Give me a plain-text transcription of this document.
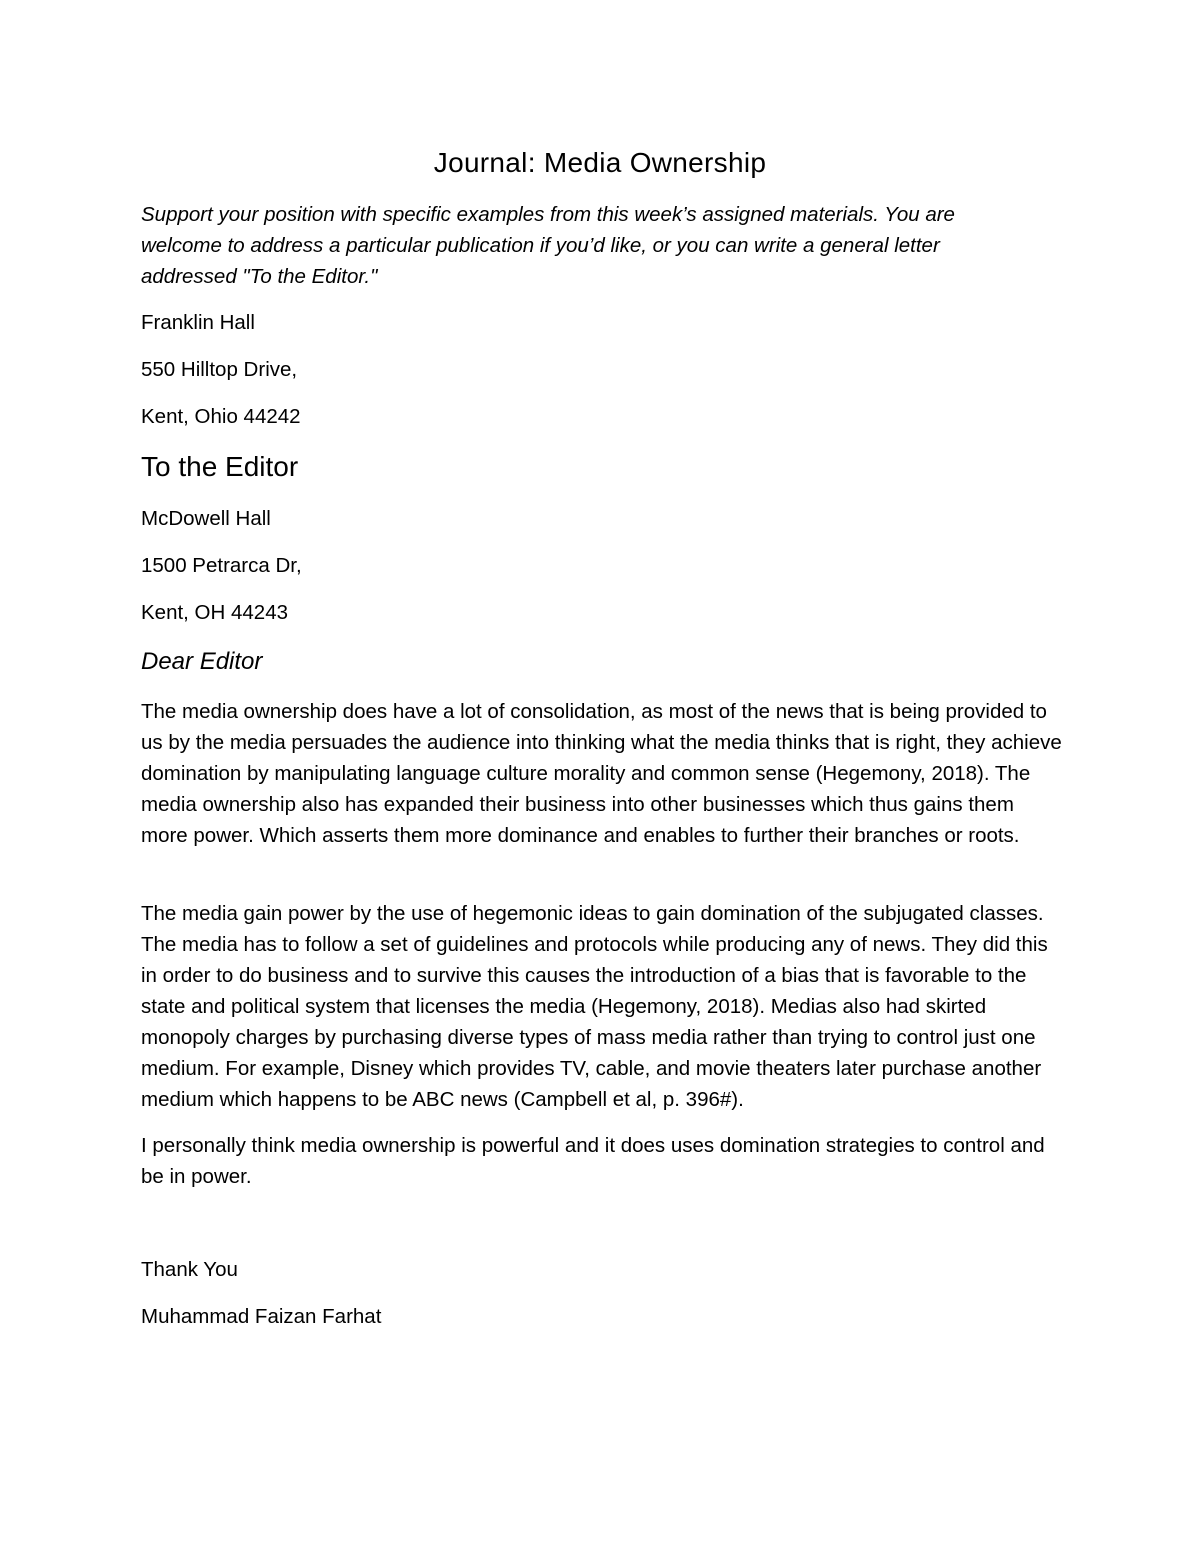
Journal: Media Ownership

Support your position with specific examples from this week’s assigned materials. You are welcome to address a particular publication if you’d like, or you can write a general letter addressed "To the Editor."

Franklin Hall

550 Hilltop Drive,

Kent, Ohio 44242

To the Editor

McDowell Hall

1500 Petrarca Dr,

Kent, OH 44243

Dear Editor

The media ownership does have a lot of consolidation, as most of the news that is being provided to us by the media persuades the audience into thinking what the media thinks that is right, they achieve domination by manipulating language culture morality and common sense (Hegemony, 2018). The media ownership also has expanded their business into other businesses which thus gains them more power. Which asserts them more dominance and enables to further their branches or roots.

The media gain power by the use of hegemonic ideas to gain domination of the subjugated classes. The media has to follow a set of guidelines and protocols while producing any of news. They did this in order to do business and to survive this causes the introduction of a bias that is favorable to the state and political system that licenses the media (Hegemony, 2018). Medias also had skirted monopoly charges by purchasing diverse types of mass media rather than trying to control just one medium. For example, Disney which provides TV, cable, and movie theaters later purchase another medium which happens to be ABC news (Campbell et al, p. 396#).

I personally think media ownership is powerful and it does uses domination strategies to control and be in power.

Thank You

Muhammad Faizan Farhat
